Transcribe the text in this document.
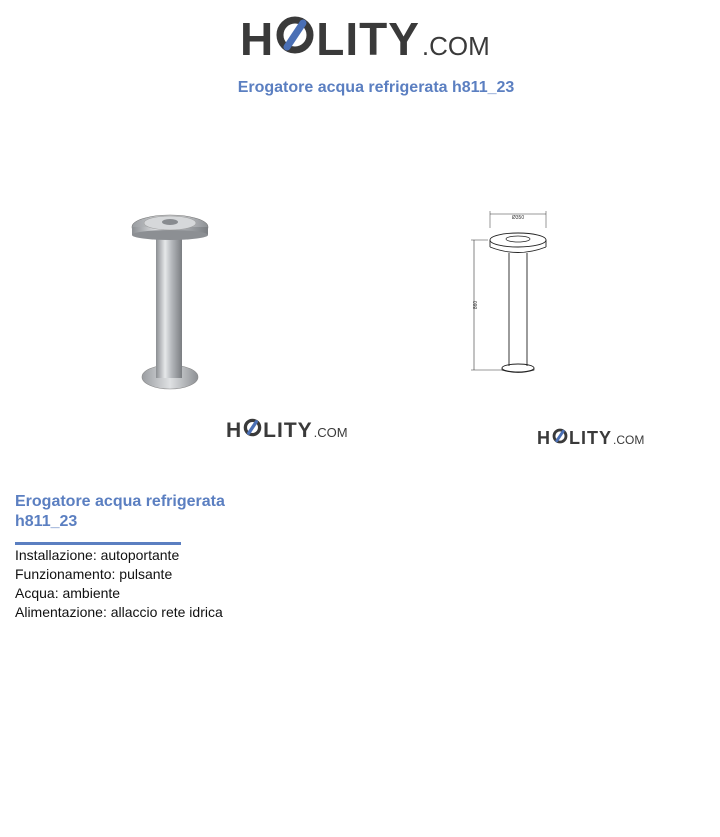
H LITY .COM
Erogatore acqua refrigerata h811_23
Ø350
860
H LITY .COM	H LITY .COM
Erogatore acqua refrigerata h811_23
Installazione: autoportante
Funzionamento: pulsante
Acqua: ambiente
Alimentazione: allaccio rete idrica
